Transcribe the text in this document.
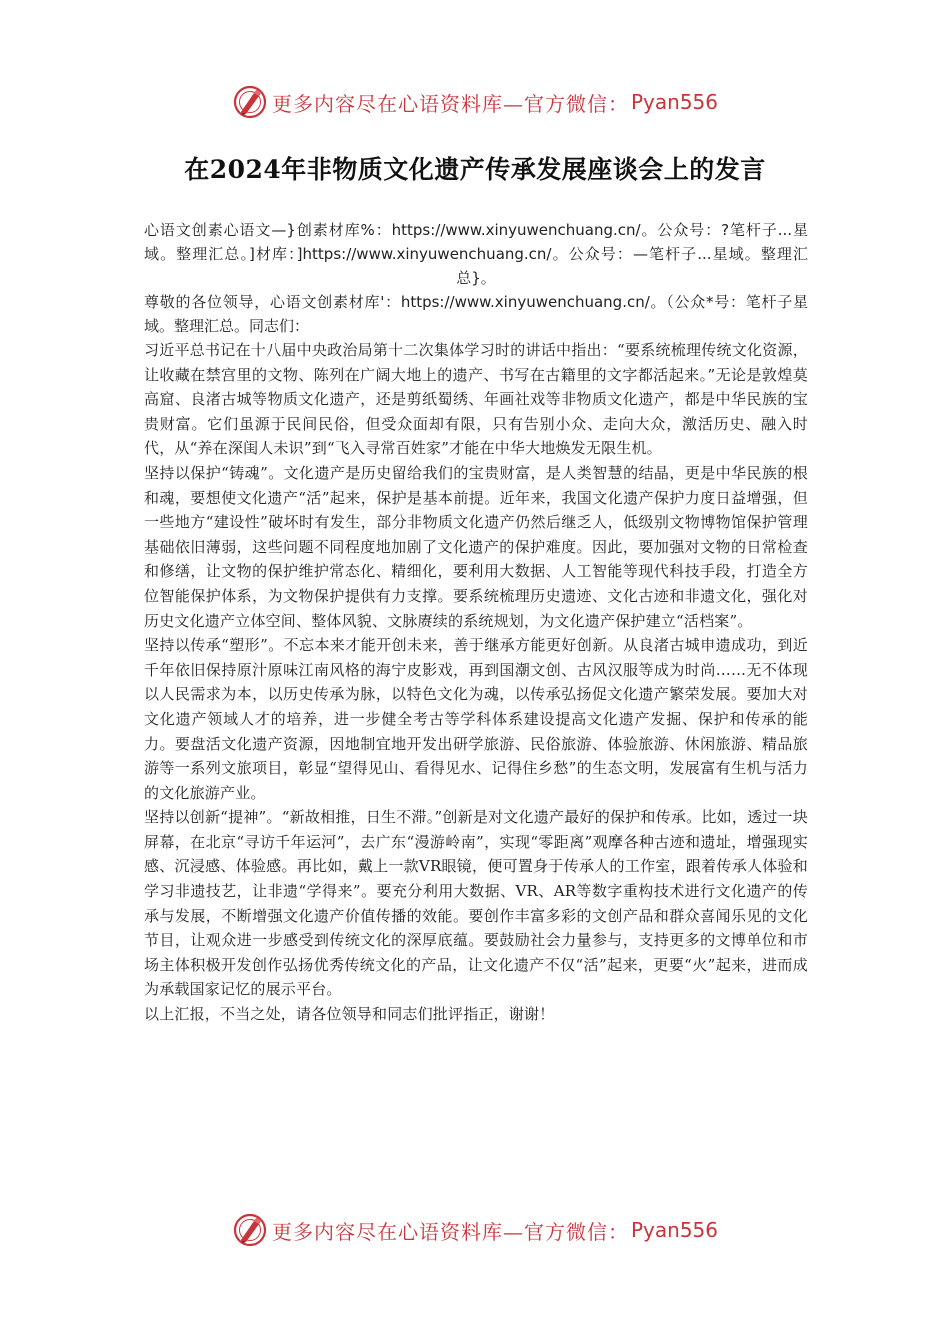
更多内容尽在心语资料库—官方微信： Pyan556
在2024年非物质文化遗产传承发展座谈会上的发言

心语文创素心语文—}创素材库%：https://www.xinyuwenchuang.cn/。公众号：?笔杆子...星域。整理汇总。]材库：]https://www.xinyuwenchuang.cn/。公众号：—笔杆子...星域。整理汇总}。

尊敬的各位领导，心语文创素材库'：https://www.xinyuwenchuang.cn/。（公众*号：笔杆子星域。整理汇总。同志们：

习近平总书记在十八届中央政治局第十二次集体学习时的讲话中指出：“要系统梳理传统文化资源，让收藏在禁宫里的文物、陈列在广阔大地上的遗产、书写在古籍里的文字都活起来。”无论是敦煌莫高窟、良渚古城等物质文化遗产，还是剪纸蜀绣、年画社戏等非物质文化遗产，都是中华民族的宝贵财富。它们虽源于民间民俗，但受众面却有限，只有告别小众、走向大众，激活历史、融入时代，从“养在深闺人未识”到“飞入寻常百姓家”才能在中华大地焕发无限生机。

坚持以保护“铸魂”。文化遗产是历史留给我们的宝贵财富，是人类智慧的结晶，更是中华民族的根和魂，要想使文化遗产“活”起来，保护是基本前提。近年来，我国文化遗产保护力度日益增强，但一些地方“建设性”破坏时有发生，部分非物质文化遗产仍然后继乏人，低级别文物博物馆保护管理基础依旧薄弱，这些问题不同程度地加剧了文化遗产的保护难度。因此，要加强对文物的日常检查和修缮，让文物的保护维护常态化、精细化，要利用大数据、人工智能等现代科技手段，打造全方位智能保护体系，为文物保护提供有力支撑。要系统梳理历史遗迹、文化古迹和非遗文化，强化对历史文化遗产立体空间、整体风貌、文脉赓续的系统规划，为文化遗产保护建立“活档案”。

坚持以传承“塑形”。不忘本来才能开创未来，善于继承方能更好创新。从良渚古城申遗成功，到近千年依旧保持原汁原味江南风格的海宁皮影戏，再到国潮文创、古风汉服等成为时尚……无不体现以人民需求为本，以历史传承为脉，以特色文化为魂，以传承弘扬促文化遗产繁荣发展。要加大对文化遗产领域人才的培养，进一步健全考古等学科体系建设提高文化遗产发掘、保护和传承的能力。要盘活文化遗产资源，因地制宜地开发出研学旅游、民俗旅游、体验旅游、休闲旅游、精品旅游等一系列文旅项目，彰显“望得见山、看得见水、记得住乡愁”的生态文明，发展富有生机与活力的文化旅游产业。

坚持以创新“提神”。“新故相推，日生不滞。”创新是对文化遗产最好的保护和传承。比如，透过一块屏幕，在北京“寻访千年运河”，去广东“漫游岭南”，实现“零距离”观摩各种古迹和遗址，增强现实感、沉浸感、体验感。再比如，戴上一款VR眼镜，便可置身于传承人的工作室，跟着传承人体验和学习非遗技艺，让非遗“学得来”。要充分利用大数据、VR、AR等数字重构技术进行文化遗产的传承与发展，不断增强文化遗产价值传播的效能。要创作丰富多彩的文创产品和群众喜闻乐见的文化节目，让观众进一步感受到传统文化的深厚底蕴。要鼓励社会力量参与，支持更多的文博单位和市场主体积极开发创作弘扬优秀传统文化的产品，让文化遗产不仅“活”起来，更要“火”起来，进而成为承载国家记忆的展示平台。

以上汇报，不当之处，请各位领导和同志们批评指正，谢谢！

更多内容尽在心语资料库—官方微信： Pyan556
